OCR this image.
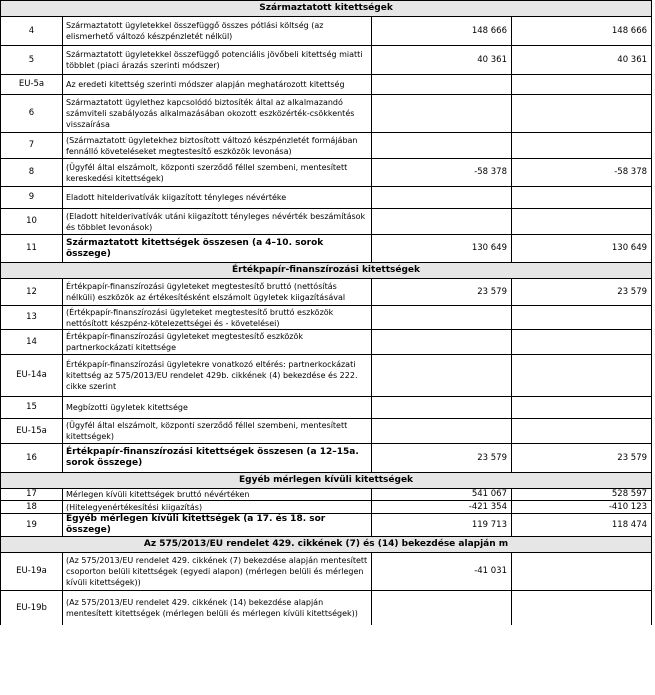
Származtatott kitettségek			
4	Származtatott ügyletekkel összefüggő összes pótlási költség (az elismerhető változó készpénzletét nélkül)	148 666	148 666
5	Származtatott ügyletekkel összefüggő potenciális jövőbeli kitettség miatti többlet (piaci árazás szerinti módszer)	40 361	40 361
EU-5a	Az eredeti kitettség szerinti módszer alapján meghatározott kitettség		
6	Származtatott ügylethez kapcsolódó biztosíték által az alkalmazandó számviteli szabályozás alkalmazásában okozott eszközérték-csökkentés visszaírása		
7	(Származtatott ügyletekhez biztosított változó készpénzletét formájában fennálló követeléseket megtestesítő eszközök levonása)		
8	(Ügyfél által elszámolt, központi szerződő féllel szembeni, mentesített kereskedési kitettségek)	-58 378	-58 378
9	Eladott hitelderivatívák kiigazított tényleges névértéke		
10	(Eladott hitelderivatívák utáni kiigazított tényleges névérték beszámítások és többlet levonások)		
11	Származtatott kitettségek összesen (a 4–10. sorok összege)	130 649	130 649
Értékpapír-finanszírozási kitettségek			
12	Értékpapír-finanszírozási ügyleteket megtestesítő bruttó (nettósítás nélküli) eszközök az értékesítésként elszámolt ügyletek kiigazításával	23 579	23 579
13	(Értékpapír-finanszírozási ügyleteket megtestesítő bruttó eszközök nettósított készpénz-kötelezettségei és - követelései)		
14	Értékpapír-finanszírozási ügyleteket megtestesítő eszközök partnerkockázati kitettsége		
EU-14a	Értékpapír-finanszírozási ügyletekre vonatkozó eltérés: partnerkockázati kitettség az 575/2013/EU rendelet 429b. cikkének (4) bekezdése és 222. cikke szerint		
15	Megbízotti ügyletek kitettsége		
EU-15a	(Ügyfél által elszámolt, központi szerződő féllel szembeni, mentesített kitettségek)		
16	Értékpapír-finanszírozási kitettségek összesen (a 12–15a. sorok összege)	23 579	23 579
Egyéb mérlegen kívüli kitettségek			
17	Mérlegen kívüli kitettségek bruttó névértéken	541 067	528 597
18	(Hitelegyenértékesítési kiigazítás)	-421 354	-410 123
19	Egyéb mérlegen kívüli kitettségek (a 17. és 18. sor összege)	119 713	118 474
Az 575/2013/EU rendelet 429. cikkének (7) és (14) bekezdése alapján m			
EU-19a	(Az 575/2013/EU rendelet 429. cikkének (7) bekezdése alapján mentesített csoporton belüli kitettségek (egyedi alapon) (mérlegen belüli és mérlegen kívüli kitettségek))	-41 031	
EU-19b	(Az 575/2013/EU rendelet 429. cikkének (14) bekezdése alapján mentesített kitettségek (mérlegen belüli és mérlegen kívüli kitettségek))		
